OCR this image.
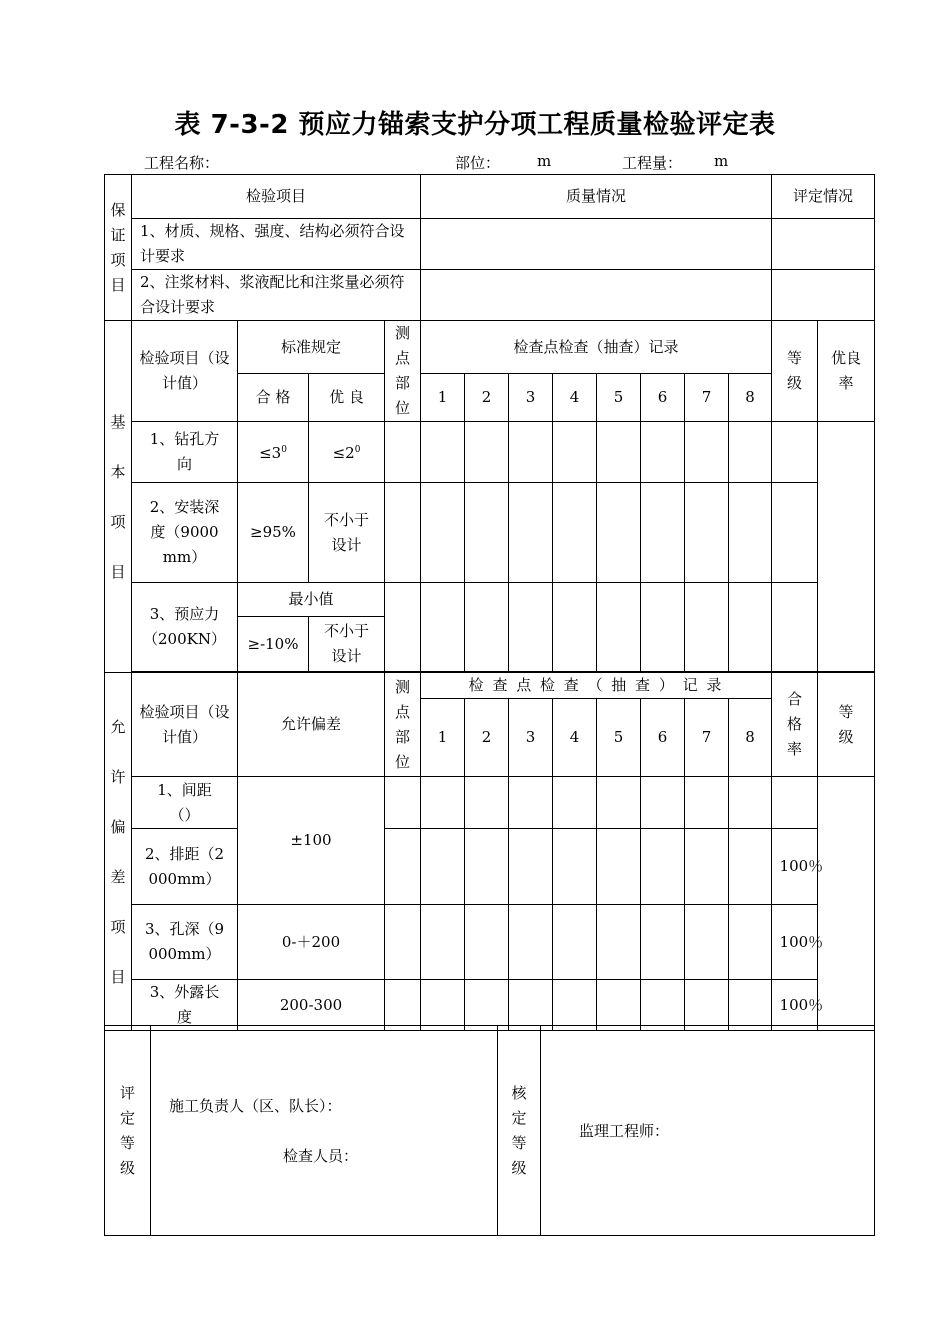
表 7-3-2 预应力锚索支护分项工程质量检验评定表
工程名称：	部位： m	工程量： m
保证项目	检验项目				质量情况								评定情况	
	1、材质、规格、强度、结构必须符合设计要求													
	2、注浆材料、浆液配比和注浆量必须符合设计要求													

基本项目	检验项目（设计值）	标准规定		测点部位	检查点检查（抽查）记录								等级	优良率

		合 格	优 良		1	2	3	4	5	6	7	8		

	1、钻孔方向	$\le 3^0$	$\le 2^0$											

	2、安装深度（9000mm）	≥95%	不小于设计											

	3、预应力（200KN）	最小值												
		≥-10%	不小于设计											

允许偏差项目	检验项目（设计值）	允许偏差		测点部位	检 查 点 检 查 （ 抽 查 ） 记 录								合格率	等级

					1	2	3	4	5	6	7	8		

	1、间距（）	±100												

	2、排距（2000mm）												100％	

	3、孔深（9000mm）	0-＋200											100％	

	3、外露长度	200-300											100％	
评定等级

施工负责人（区、队长）：
检查人员：

核定等级
	监理工程师：
